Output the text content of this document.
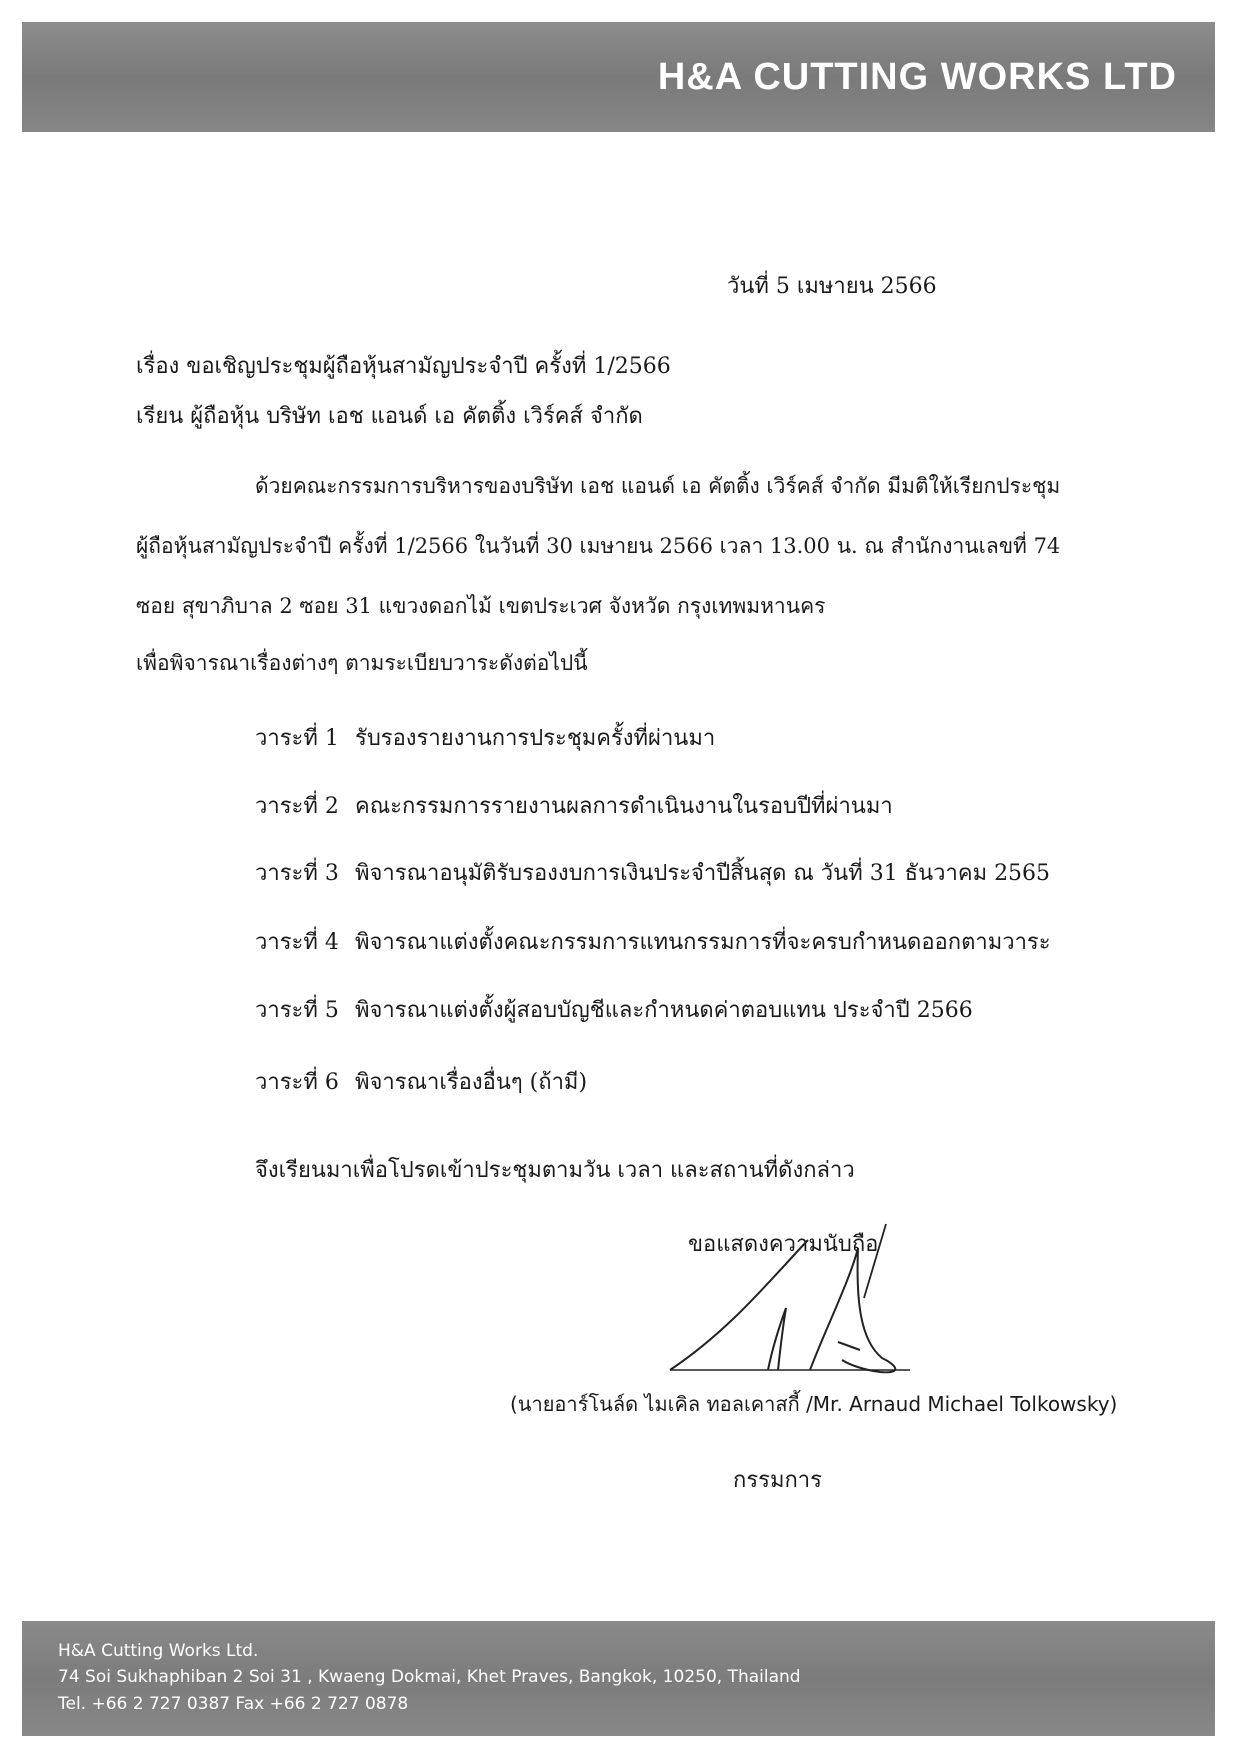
H&A CUTTING WORKS LTD
วันที่ 5 เมษายน 2566
เรื่อง ขอเชิญประชุมผู้ถือหุ้นสามัญประจำปี ครั้งที่ 1/2566
เรียน ผู้ถือหุ้น บริษัท เอช แอนด์ เอ คัตติ้ง เวิร์คส์ จำกัด
ด้วยคณะกรรมการบริหารของบริษัท เอช แอนด์ เอ คัตติ้ง เวิร์คส์ จำกัด มีมติให้เรียกประชุม
ผู้ถือหุ้นสามัญประจำปี ครั้งที่ 1/2566 ในวันที่ 30 เมษายน 2566 เวลา 13.00 น. ณ สำนักงานเลขที่ 74
ซอย สุขาภิบาล 2 ซอย 31 แขวงดอกไม้ เขตประเวศ จังหวัด กรุงเทพมหานคร
เพื่อพิจารณาเรื่องต่างๆ ตามระเบียบวาระดังต่อไปนี้
วาระที่ 1 รับรองรายงานการประชุมครั้งที่ผ่านมา
วาระที่ 2 คณะกรรมการรายงานผลการดำเนินงานในรอบปีที่ผ่านมา
วาระที่ 3 พิจารณาอนุมัติรับรองงบการเงินประจำปีสิ้นสุด ณ วันที่ 31 ธันวาคม 2565
วาระที่ 4 พิจารณาแต่งตั้งคณะกรรมการแทนกรรมการที่จะครบกำหนดออกตามวาระ
วาระที่ 5 พิจารณาแต่งตั้งผู้สอบบัญชีและกำหนดค่าตอบแทน ประจำปี 2566
วาระที่ 6 พิจารณาเรื่องอื่นๆ (ถ้ามี)
จึงเรียนมาเพื่อโปรดเข้าประชุมตามวัน เวลา และสถานที่ดังกล่าว
ขอแสดงความนับถือ
(นายอาร์โนล์ด ไมเคิล ทอลเคาสกี้ /Mr. Arnaud Michael Tolkowsky)
กรรมการ
H&A Cutting Works Ltd.
74 Soi Sukhaphiban 2 Soi 31 , Kwaeng Dokmai, Khet Praves, Bangkok, 10250, Thailand
Tel. +66 2 727 0387 Fax +66 2 727 0878
